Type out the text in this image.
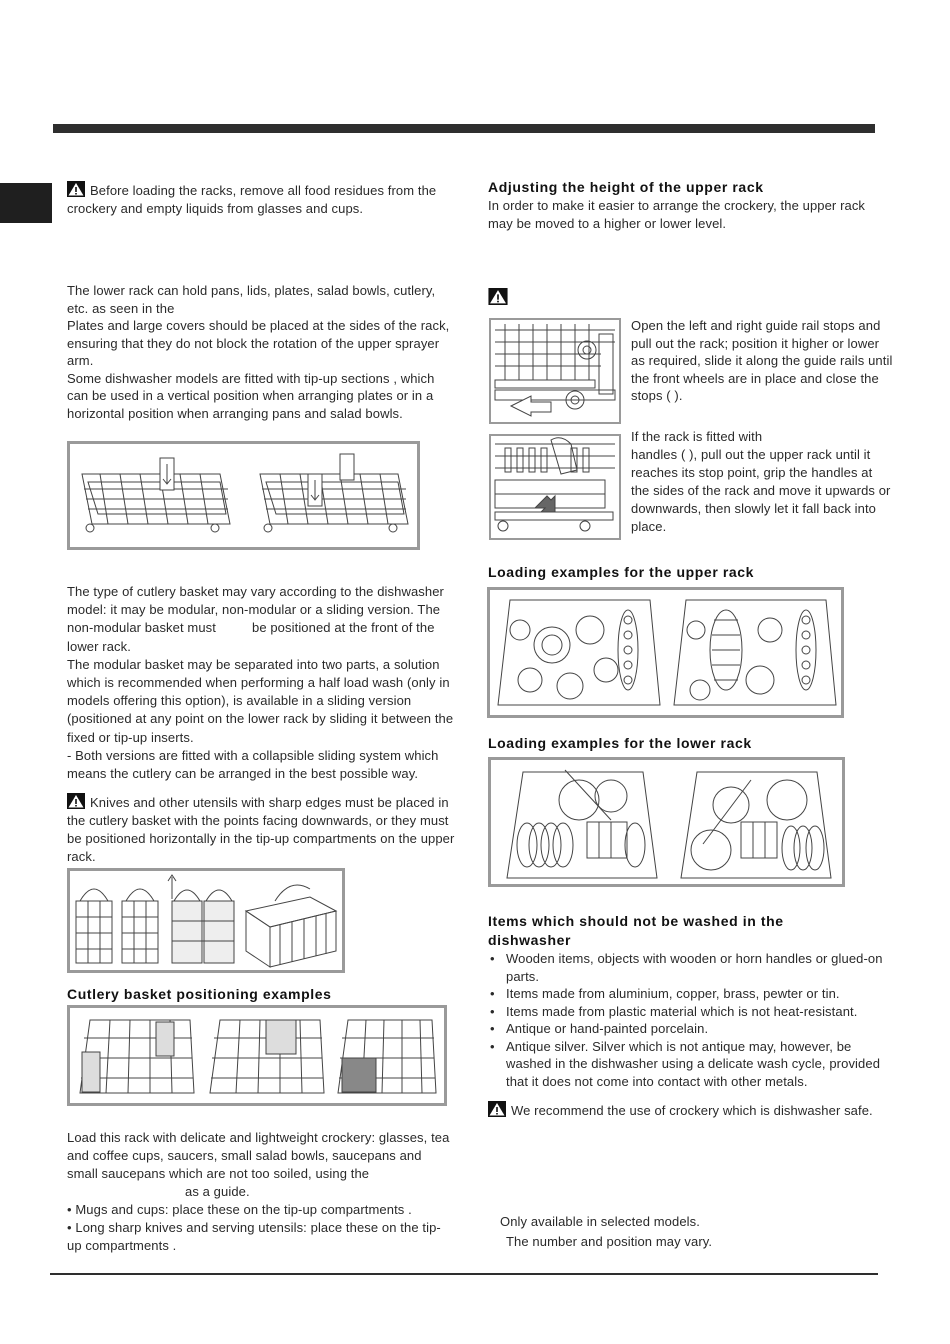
Before loading the racks, remove all food residues from the crockery and empty liquids from glasses and cups.
The lower rack can hold pans, lids, plates, salad bowls, cutlery, etc. as seen in the
Plates and large covers should be placed at the sides of the rack, ensuring that they do not block the rotation of the upper sprayer arm.
Some dishwasher models are fitted with tip-up sections , which can be used in a vertical position when arranging plates or in a horizontal position when arranging pans and salad bowls.
The type of cutlery basket may vary according to the dishwasher model: it may be modular, non-modular or a sliding version. The non-modular basket must	be positioned at the front of the lower rack.
The modular basket may be separated into two parts, a solution which is recommended when performing a half load wash (only in models offering this option), is available in a sliding version (positioned at any point on the lower rack by sliding it between the fixed or tip-up inserts.
- Both versions are fitted with a collapsible sliding system which means the cutlery can be arranged in the best possible way.
Knives and other utensils with sharp edges must be placed in the cutlery basket with the points facing downwards, or they must be positioned horizontally in the tip-up compartments on the upper rack.
Cutlery basket positioning examples
Load this rack with delicate and lightweight crockery: glasses, tea and coffee cups, saucers, small salad bowls, saucepans and small saucepans which are not too soiled, using theas a guide.
• Mugs and cups: place these on the tip-up compartments .
• Long sharp knives and serving utensils: place these on the tip-up compartments .
Adjusting the height of the upper rack
In order to make it easier to arrange the crockery, the upper rack may be moved to a higher or lower level.
Open the left and right guide rail stops and pull out the rack; position it higher or lower as required, slide it along the guide rails until the front wheels are in place and close the stops ( ).
If the rack is fitted with
handles ( ), pull out the upper rack until it reaches its stop point, grip the handles at the sides of the rack and move it upwards or downwards, then slowly let it fall back into place.
Loading examples for the upper rack
Loading examples for the lower rack
Items which should not be washed in the
dishwasher
• Wooden items, objects with wooden or horn handles or glued-on parts.
• Items made from aluminium, copper, brass, pewter or tin.
• Items made from plastic material which is not heat-resistant.
• Antique or hand-painted porcelain.
• Antique silver. Silver which is not antique may, however, be washed in the dishwasher using a delicate wash cycle, provided that it does not come into contact with other metals.
We recommend the use of crockery which is dishwasher safe.
Only available in selected models.
The number and position may vary.
